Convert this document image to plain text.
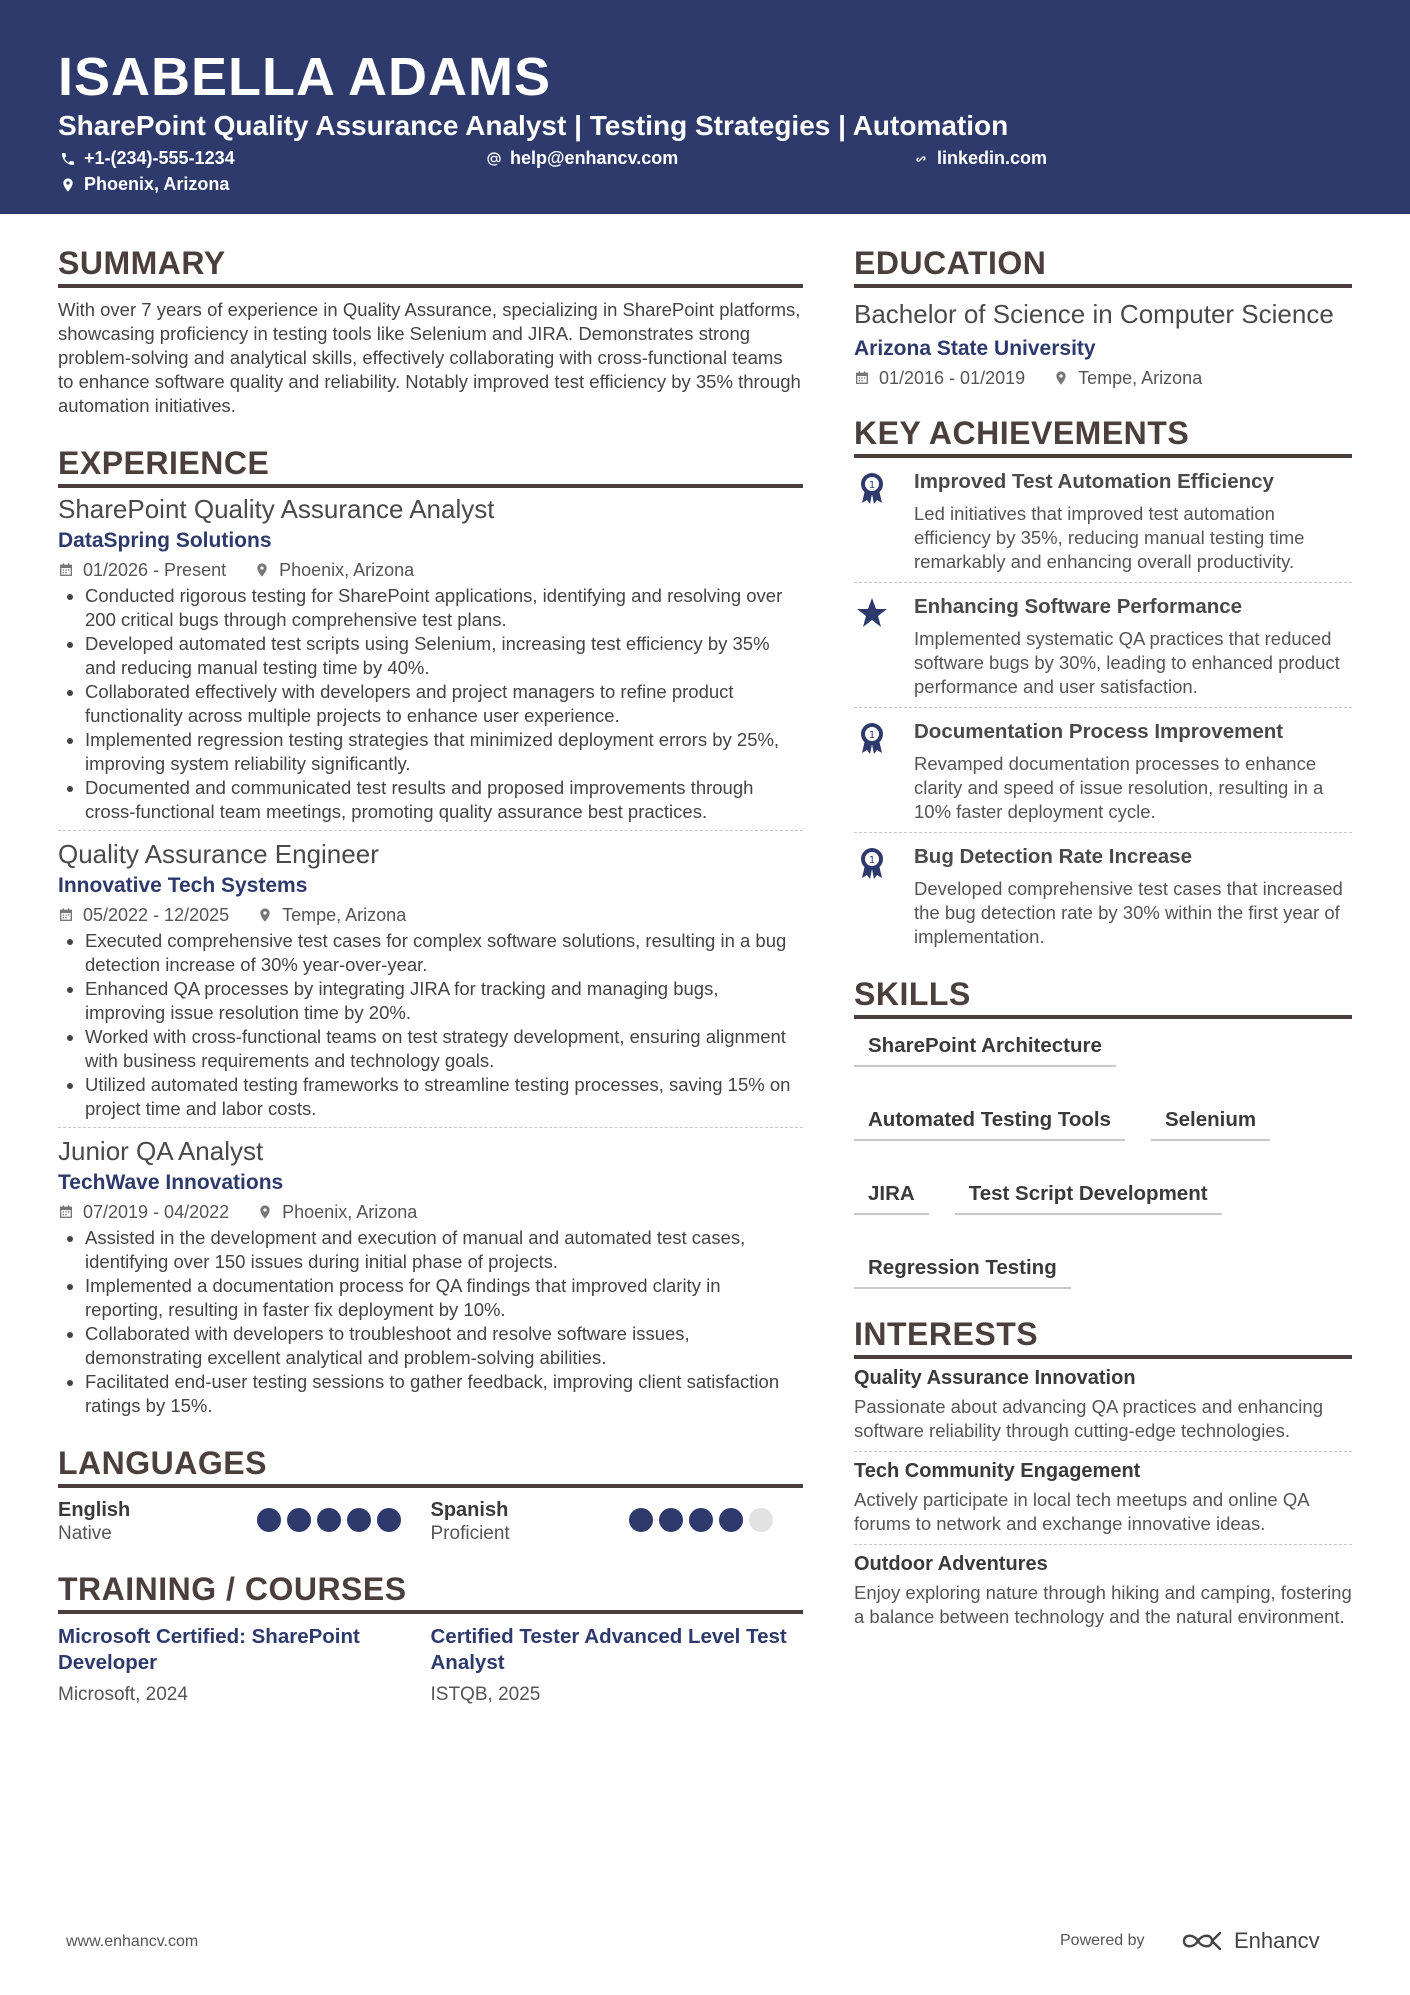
ISABELLA ADAMS
SharePoint Quality Assurance Analyst | Testing Strategies | Automation
+1-(234)-555-1234	help@enhancv.com	linkedin.com
Phoenix, Arizona
SUMMARY

With over 7 years of experience in Quality Assurance, specializing in SharePoint platforms, showcasing proficiency in testing tools like Selenium and JIRA. Demonstrates strong problem-solving and analytical skills, effectively collaborating with cross-functional teams to enhance software quality and reliability. Notably improved test efficiency by 35% through automation initiatives.

EXPERIENCE
SharePoint Quality Assurance Analyst
DataSpring Solutions
01/2026 - Present	Phoenix, Arizona
• Conducted rigorous testing for SharePoint applications, identifying and resolving over 200 critical bugs through comprehensive test plans.
• Developed automated test scripts using Selenium, increasing test efficiency by 35% and reducing manual testing time by 40%.
• Collaborated effectively with developers and project managers to refine product functionality across multiple projects to enhance user experience.
• Implemented regression testing strategies that minimized deployment errors by 25%, improving system reliability significantly.
• Documented and communicated test results and proposed improvements through cross-functional team meetings, promoting quality assurance best practices.
Quality Assurance Engineer
Innovative Tech Systems
05/2022 - 12/2025	Tempe, Arizona
• Executed comprehensive test cases for complex software solutions, resulting in a bug detection increase of 30% year-over-year.
• Enhanced QA processes by integrating JIRA for tracking and managing bugs, improving issue resolution time by 20%.
• Worked with cross-functional teams on test strategy development, ensuring alignment with business requirements and technology goals.
• Utilized automated testing frameworks to streamline testing processes, saving 15% on project time and labor costs.
Junior QA Analyst
TechWave Innovations
07/2019 - 04/2022	Phoenix, Arizona
• Assisted in the development and execution of manual and automated test cases, identifying over 150 issues during initial phase of projects.
• Implemented a documentation process for QA findings that improved clarity in reporting, resulting in faster fix deployment by 10%.
• Collaborated with developers to troubleshoot and resolve software issues, demonstrating excellent analytical and problem-solving abilities.
• Facilitated end-user testing sessions to gather feedback, improving client satisfaction ratings by 15%.
LANGUAGES
English
Native
Spanish
Proficient
TRAINING / COURSES
Microsoft Certified: SharePoint Developer
Microsoft, 2024
Certified Tester Advanced Level Test Analyst
ISTQB, 2025
EDUCATION
Bachelor of Science in Computer Science
Arizona State University
01/2016 - 01/2019	Tempe, Arizona
KEY ACHIEVEMENTS
1 Improved Test Automation Efficiency
Led initiatives that improved test automation efficiency by 35%, reducing manual testing time remarkably and enhancing overall productivity.
Enhancing Software Performance
Implemented systematic QA practices that reduced software bugs by 30%, leading to enhanced product performance and user satisfaction.
1 Documentation Process Improvement
Revamped documentation processes to enhance clarity and speed of issue resolution, resulting in a 10% faster deployment cycle.
1 Bug Detection Rate Increase
Developed comprehensive test cases that increased the bug detection rate by 30% within the first year of implementation.
SKILLS
SharePoint Architecture
Automated Testing Tools	Selenium
JIRA	Test Script Development
Regression Testing
INTERESTS
Quality Assurance Innovation
Passionate about advancing QA practices and enhancing software reliability through cutting-edge technologies.
Tech Community Engagement
Actively participate in local tech meetups and online QA forums to network and exchange innovative ideas.
Outdoor Adventures
Enjoy exploring nature through hiking and camping, fostering a balance between technology and the natural environment.
www.enhancv.com	Powered by	Enhancv
